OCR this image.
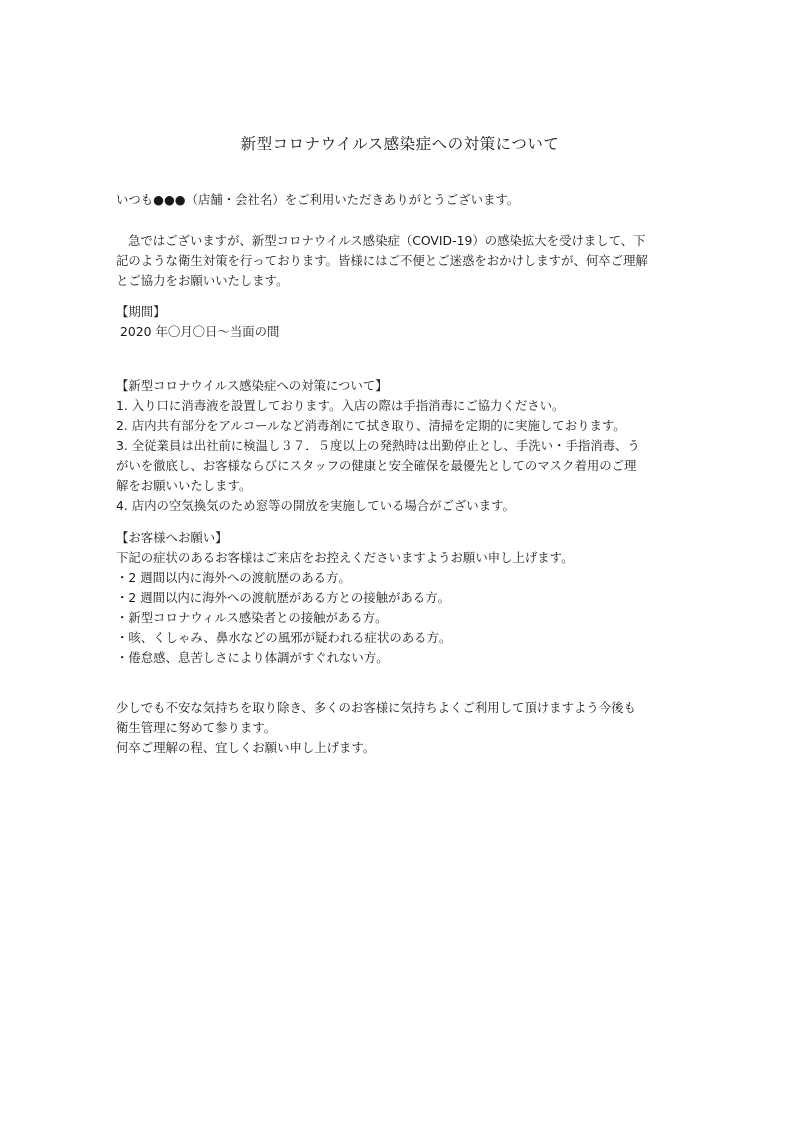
新型コロナウイルス感染症への対策について

いつも●●●（店舗・会社名）をご利用いただきありがとうございます。

急ではございますが、新型コロナウイルス感染症（COVID-19）の感染拡大を受けまして、下
記のような衛生対策を行っております。皆様にはご不便とご迷惑をおかけしますが、何卒ご理解
とご協力をお願いいたします。
【期間】
2020 年〇月〇日～当面の間
【新型コロナウイルス感染症への対策について】
1. 入り口に消毒液を設置しております。入店の際は手指消毒にご協力ください。
2. 店内共有部分をアルコールなど消毒剤にて拭き取り、清掃を定期的に実施しております。
3. 全従業員は出社前に検温し３７．５度以上の発熱時は出勤停止とし、手洗い・手指消毒、う
がいを徹底し、お客様ならびにスタッフの健康と安全確保を最優先としてのマスク着用のご理
解をお願いいたします。
4. 店内の空気換気のため窓等の開放を実施している場合がございます。
【お客様へお願い】
下記の症状のあるお客様はご来店をお控えくださいますようお願い申し上げます。
・2 週間以内に海外への渡航歴のある方。
・2 週間以内に海外への渡航歴がある方との接触がある方。
・新型コロナウィルス感染者との接触がある方。
・咳、くしゃみ、鼻水などの風邪が疑われる症状のある方。
・倦怠感、息苦しさにより体調がすぐれない方。
少しでも不安な気持ちを取り除き、多くのお客様に気持ちよくご利用して頂けますよう今後も
衛生管理に努めて参ります。
何卒ご理解の程、宜しくお願い申し上げます。
